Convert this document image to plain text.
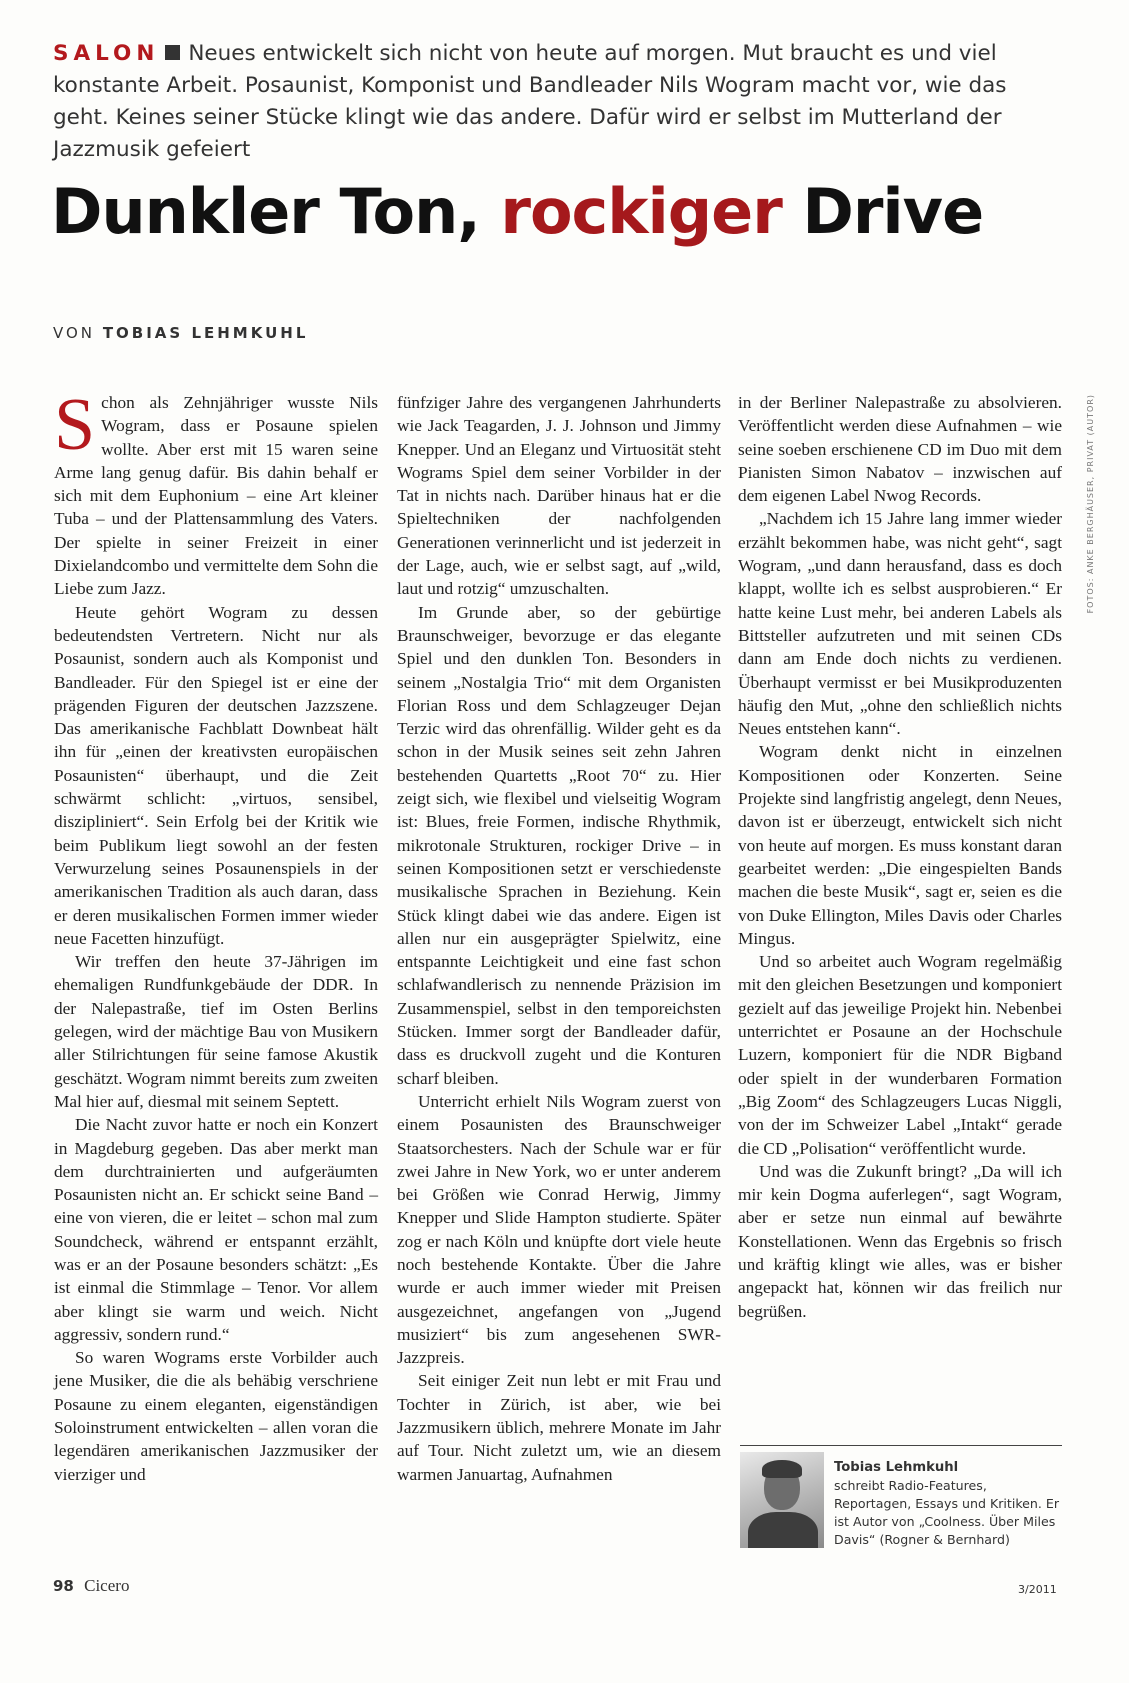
SALON Neues entwickelt sich nicht von heute auf morgen. Mut braucht es und viel konstante Arbeit. Posaunist, Komponist und Bandleader Nils Wogram macht vor, wie das geht. Keines seiner Stücke klingt wie das andere. Dafür wird er selbst im Mutterland der Jazzmusik gefeiert
Dunkler Ton, rockiger Drive
VON TOBIAS LEHMKUHL
FOTOS: ANKE BERGHÄUSER, PRIVAT (AUTOR)

Schon als Zehnjähriger wusste Nils Wogram, dass er Posaune spielen wollte. Aber erst mit 15 waren seine Arme lang genug dafür. Bis dahin behalf er sich mit dem Euphonium – eine Art kleiner Tuba – und der Plattensammlung des Vaters. Der spielte in seiner Freizeit in einer Dixielandcombo und vermittelte dem Sohn die Liebe zum Jazz.

Heute gehört Wogram zu dessen bedeutendsten Vertretern. Nicht nur als Posaunist, sondern auch als Komponist und Bandleader. Für den Spiegel ist er eine der prägenden Figuren der deutschen Jazzszene. Das amerikanische Fachblatt Downbeat hält ihn für „einen der kreativsten europäischen Posaunisten“ überhaupt, und die Zeit schwärmt schlicht: „virtuos, sensibel, diszipliniert“. Sein Erfolg bei der Kritik wie beim Publikum liegt sowohl an der festen Verwurzelung seines Posaunenspiels in der amerikanischen Tradition als auch daran, dass er deren musikalischen Formen immer wieder neue Facetten hinzufügt.

Wir treffen den heute 37-Jährigen im ehemaligen Rundfunkgebäude der DDR. In der Nalepastraße, tief im Osten Berlins gelegen, wird der mächtige Bau von Musikern aller Stilrichtungen für seine famose Akustik geschätzt. Wogram nimmt bereits zum zweiten Mal hier auf, diesmal mit seinem Septett.

Die Nacht zuvor hatte er noch ein Konzert in Magdeburg gegeben. Das aber merkt man dem durchtrainierten und aufgeräumten Posaunisten nicht an. Er schickt seine Band – eine von vieren, die er leitet – schon mal zum Soundcheck, während er entspannt erzählt, was er an der Posaune besonders schätzt: „Es ist einmal die Stimmlage – Tenor. Vor allem aber klingt sie warm und weich. Nicht aggressiv, sondern rund.“

So waren Wograms erste Vorbilder auch jene Musiker, die die als behäbig verschriene Posaune zu einem eleganten, eigenständigen Soloinstrument entwickelten – allen voran die legendären amerikanischen Jazzmusiker der vierziger und

fünfziger Jahre des vergangenen Jahrhunderts wie Jack Teagarden, J. J. Johnson und Jimmy Knepper. Und an Eleganz und Virtuosität steht Wograms Spiel dem seiner Vorbilder in der Tat in nichts nach. Darüber hinaus hat er die Spieltechniken der nachfolgenden Generationen verinnerlicht und ist jederzeit in der Lage, auch, wie er selbst sagt, auf „wild, laut und rotzig“ umzuschalten.

Im Grunde aber, so der gebürtige Braunschweiger, bevorzuge er das elegante Spiel und den dunklen Ton. Besonders in seinem „Nostalgia Trio“ mit dem Organisten Florian Ross und dem Schlagzeuger Dejan Terzic wird das ohrenfällig. Wilder geht es da schon in der Musik seines seit zehn Jahren bestehenden Quartetts „Root 70“ zu. Hier zeigt sich, wie flexibel und vielseitig Wogram ist: Blues, freie Formen, indische Rhythmik, mikrotonale Strukturen, rockiger Drive – in seinen Kompositionen setzt er verschiedenste musikalische Sprachen in Beziehung. Kein Stück klingt dabei wie das andere. Eigen ist allen nur ein ausgeprägter Spielwitz, eine entspannte Leichtigkeit und eine fast schon schlafwandlerisch zu nennende Präzision im Zusammenspiel, selbst in den temporeichsten Stücken. Immer sorgt der Bandleader dafür, dass es druckvoll zugeht und die Konturen scharf bleiben.

Unterricht erhielt Nils Wogram zuerst von einem Posaunisten des Braunschweiger Staatsorchesters. Nach der Schule war er für zwei Jahre in New York, wo er unter anderem bei Größen wie Conrad Herwig, Jimmy Knepper und Slide Hampton studierte. Später zog er nach Köln und knüpfte dort viele heute noch bestehende Kontakte. Über die Jahre wurde er auch immer wieder mit Preisen ausgezeichnet, angefangen von „Jugend musiziert“ bis zum angesehenen SWR-Jazzpreis.

Seit einiger Zeit nun lebt er mit Frau und Tochter in Zürich, ist aber, wie bei Jazzmusikern üblich, mehrere Monate im Jahr auf Tour. Nicht zuletzt um, wie an diesem warmen Januartag, Aufnahmen

in der Berliner Nalepastraße zu absolvieren. Veröffentlicht werden diese Aufnahmen – wie seine soeben erschienene CD im Duo mit dem Pianisten Simon Nabatov – inzwischen auf dem eigenen Label Nwog Records.

„Nachdem ich 15 Jahre lang immer wieder erzählt bekommen habe, was nicht geht“, sagt Wogram, „und dann herausfand, dass es doch klappt, wollte ich es selbst ausprobieren.“ Er hatte keine Lust mehr, bei anderen Labels als Bittsteller aufzutreten und mit seinen CDs dann am Ende doch nichts zu verdienen. Überhaupt vermisst er bei Musikproduzenten häufig den Mut, „ohne den schließlich nichts Neues entstehen kann“.

Wogram denkt nicht in einzelnen Kompositionen oder Konzerten. Seine Projekte sind langfristig angelegt, denn Neues, davon ist er überzeugt, entwickelt sich nicht von heute auf morgen. Es muss konstant daran gearbeitet werden: „Die eingespielten Bands machen die beste Musik“, sagt er, seien es die von Duke Ellington, Miles Davis oder Charles Mingus.

Und so arbeitet auch Wogram regelmäßig mit den gleichen Besetzungen und komponiert gezielt auf das jeweilige Projekt hin. Nebenbei unterrichtet er Posaune an der Hochschule Luzern, komponiert für die NDR Bigband oder spielt in der wunderbaren Formation „Big Zoom“ des Schlagzeugers Lucas Niggli, von der im Schweizer Label „Intakt“ gerade die CD „Polisation“ veröffentlicht wurde.

Und was die Zukunft bringt? „Da will ich mir kein Dogma auferlegen“, sagt Wogram, aber er setze nun einmal auf bewährte Konstellationen. Wenn das Ergebnis so frisch und kräftig klingt wie alles, was er bisher angepackt hat, können wir das freilich nur begrüßen.

Tobias Lehmkuhl
schreibt Radio-Features, Reportagen, Essays und Kritiken. Er ist Autor von „Coolness. Über Miles Davis“ (Rogner & Bernhard)
98 Cicero	3/2011
